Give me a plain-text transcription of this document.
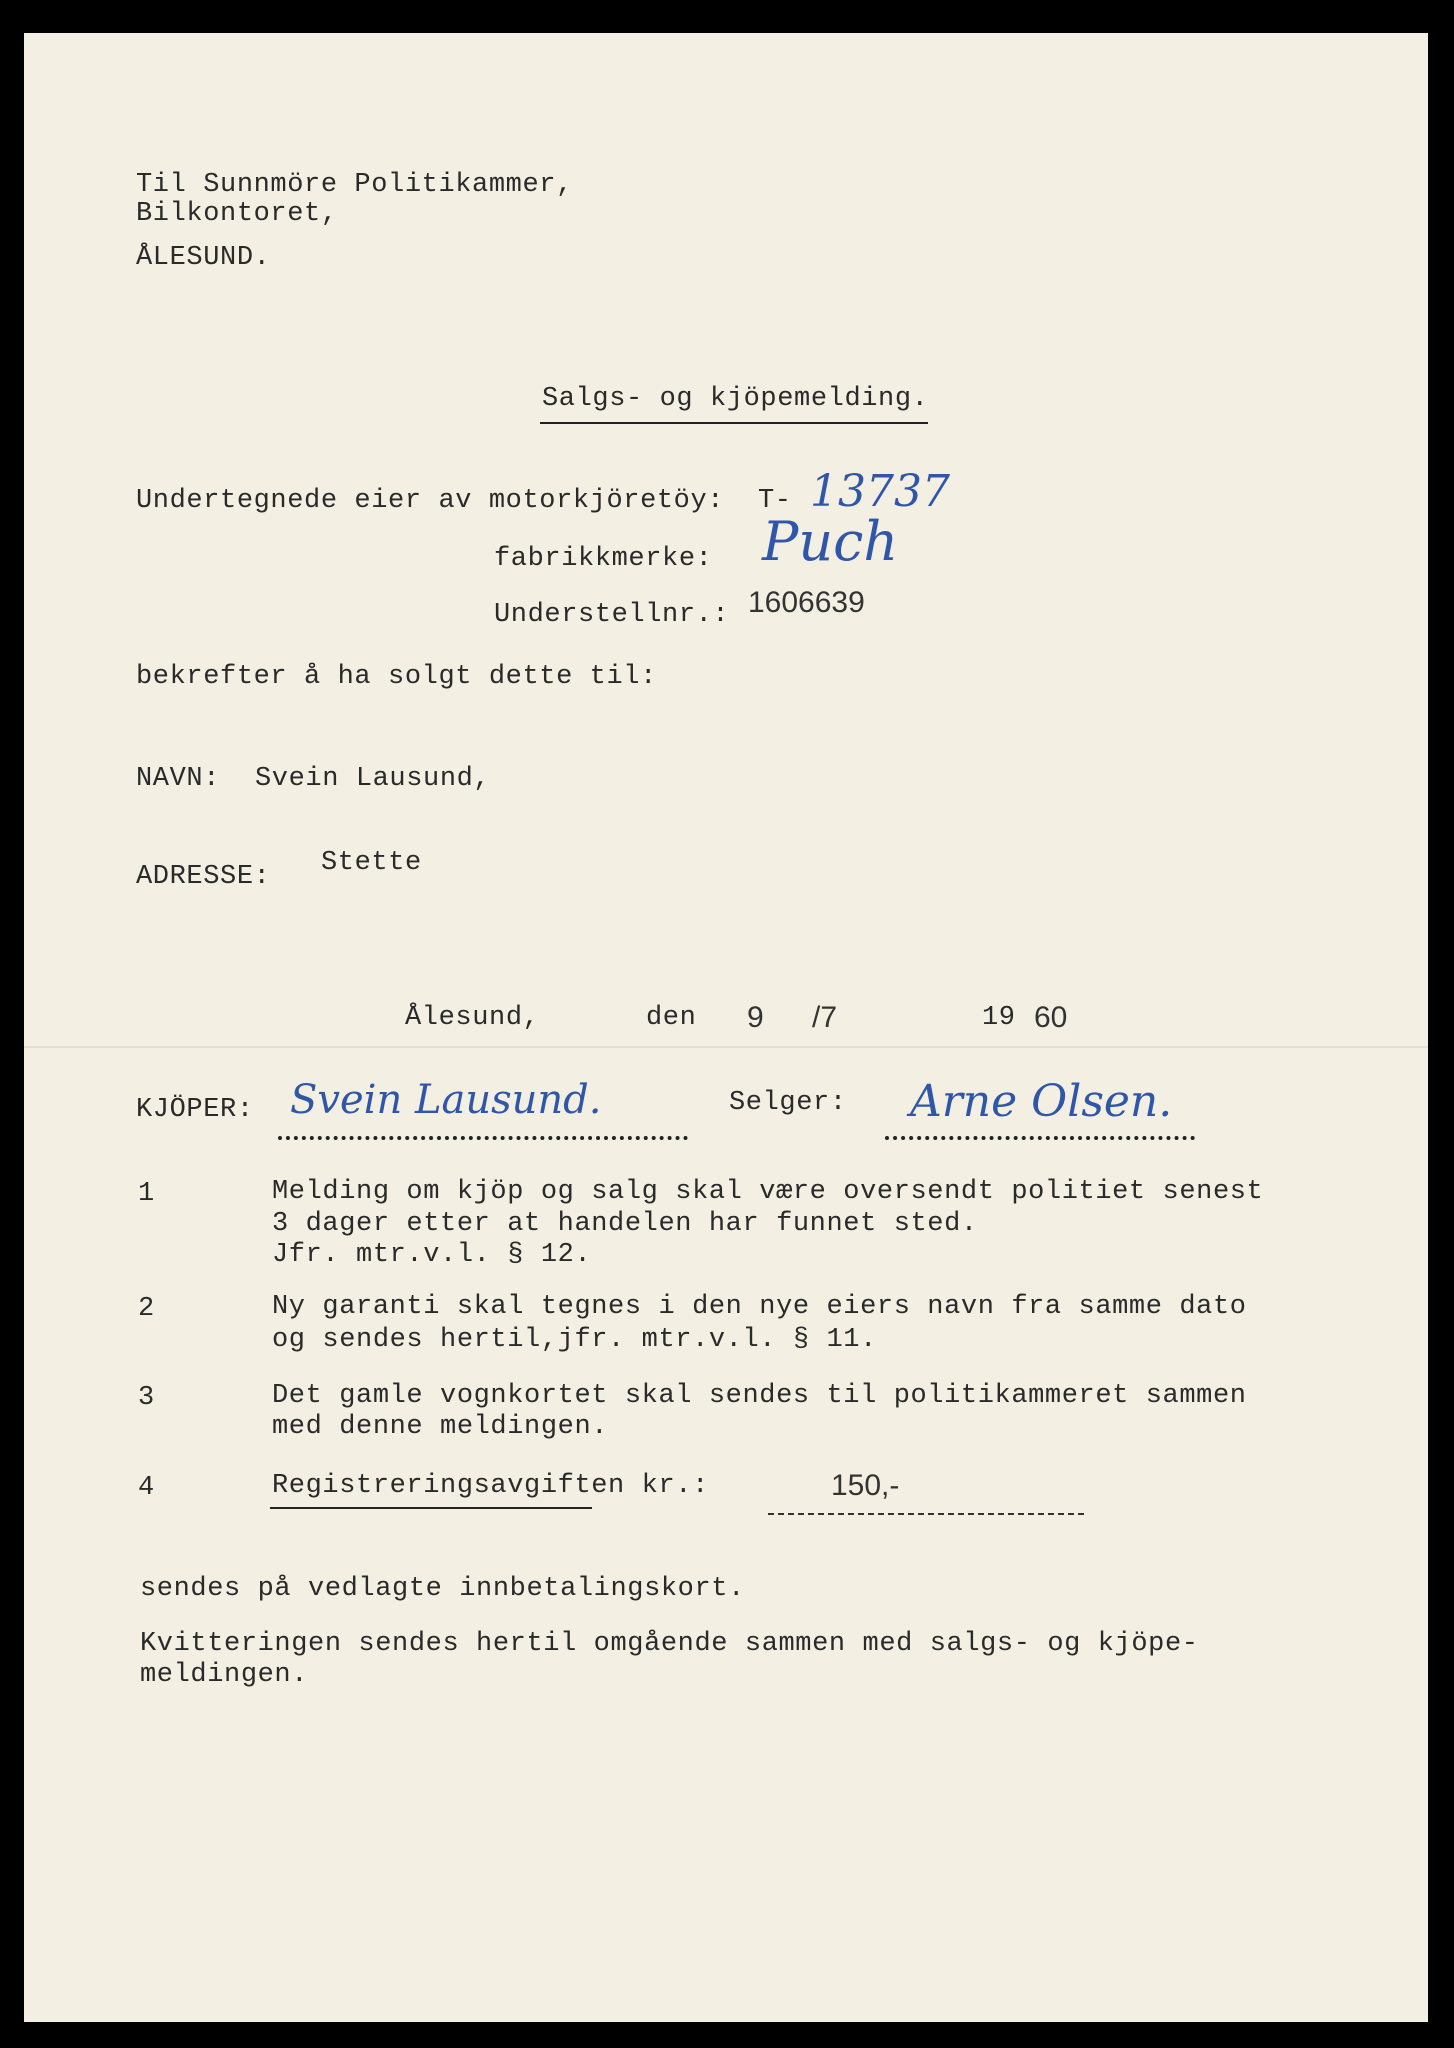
Til Sunnmöre Politikammer,
Bilkontoret,
ÅLESUND.
Salgs- og kjöpemelding.
Undertegnede eier av motorkjöretöy: T- 13737
fabrikkmerke: Puch
Understellnr.: 1606639
bekrefter å ha solgt dette til:
NAVN: Svein Lausund,
ADRESSE: Stette
Ålesund,	den 9 /7	19 60
KJÖPER: Svein Lausund.	Selger: Arne Olsen.
1	Melding om kjöp og salg skal være oversendt politiet senest
3 dager etter at handelen har funnet sted.
Jfr. mtr.v.l. § 12.
2	Ny garanti skal tegnes i den nye eiers navn fra samme dato
og sendes hertil,jfr. mtr.v.l. § 11.
3	Det gamle vognkortet skal sendes til politikammeret sammen
med denne meldingen.
4	Registreringsavgiften kr.:	150,-
sendes på vedlagte innbetalingskort.
Kvitteringen sendes hertil omgående sammen med salgs- og kjöpe-
meldingen.
